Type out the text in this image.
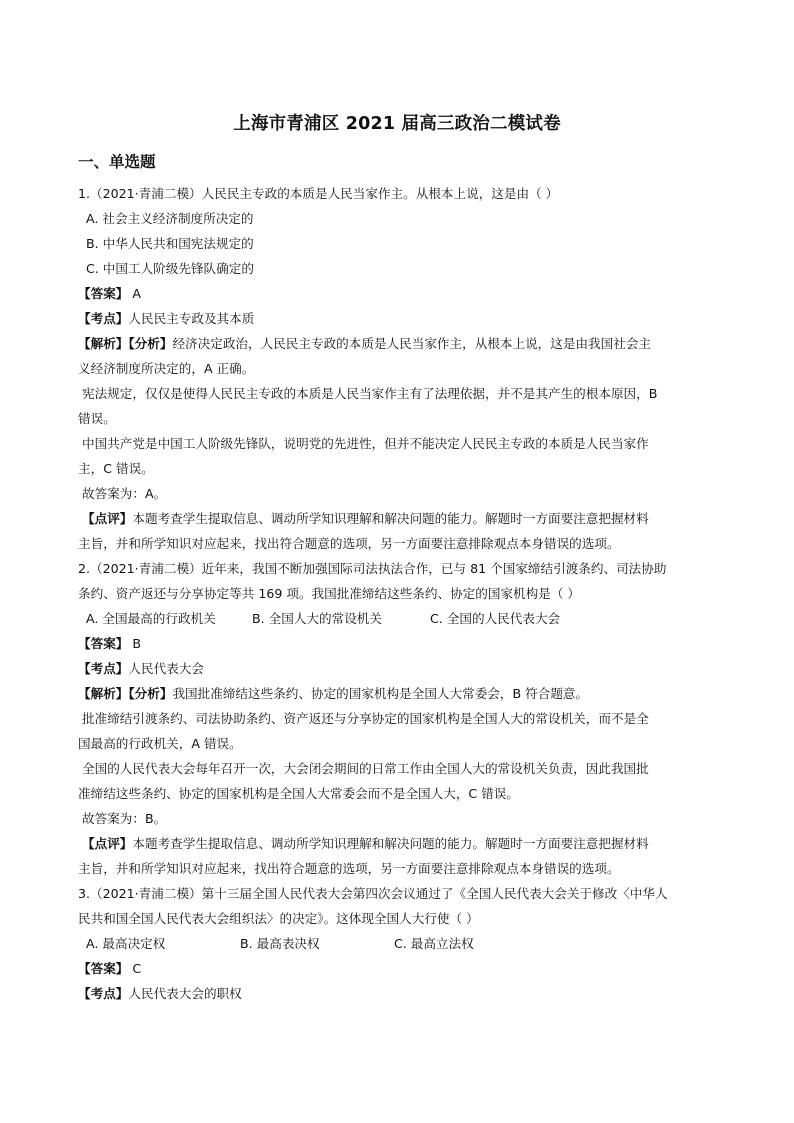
上海市青浦区 2021 届高三政治二模试卷
一、单选题
1.（2021·青浦二模）人民民主专政的本质是人民当家作主。从根本上说，这是由（ ）
A. 社会主义经济制度所决定的
B. 中华人民共和国宪法规定的
C. 中国工人阶级先锋队确定的
【答案】 A
【考点】人民民主专政及其本质
【解析】【分析】经济决定政治，人民民主专政的本质是人民当家作主，从根本上说，这是由我国社会主
义经济制度所决定的，A 正确。
宪法规定，仅仅是使得人民民主专政的本质是人民当家作主有了法理依据，并不是其产生的根本原因，B
错误。
中国共产党是中国工人阶级先锋队，说明党的先进性，但并不能决定人民民主专政的本质是人民当家作
主，C 错误。
故答案为：A。
【点评】本题考查学生提取信息、调动所学知识理解和解决问题的能力。解题时一方面要注意把握材料
主旨，并和所学知识对应起来，找出符合题意的选项，另一方面要注意排除观点本身错误的选项。
2.（2021·青浦二模）近年来，我国不断加强国际司法执法合作，已与 81 个国家缔结引渡条约、司法协助
条约、资产返还与分享协定等共 169 项。我国批准缔结这些条约、协定的国家机构是（ ）
A. 全国最高的行政机关	B. 全国人大的常设机关	C. 全国的人民代表大会
【答案】 B
【考点】人民代表大会
【解析】【分析】我国批准缔结这些条约、协定的国家机构是全国人大常委会，B 符合题意。
批准缔结引渡条约、司法协助条约、资产返还与分享协定的国家机构是全国人大的常设机关，而不是全
国最高的行政机关，A 错误。
全国的人民代表大会每年召开一次，大会闭会期间的日常工作由全国人大的常设机关负责，因此我国批
准缔结这些条约、协定的国家机构是全国人大常委会而不是全国人大，C 错误。
故答案为：B。
【点评】本题考查学生提取信息、调动所学知识理解和解决问题的能力。解题时一方面要注意把握材料
主旨，并和所学知识对应起来，找出符合题意的选项，另一方面要注意排除观点本身错误的选项。
3.（2021·青浦二模）第十三届全国人民代表大会第四次会议通过了《全国人民代表大会关于修改〈中华人
民共和国全国人民代表大会组织法〉的决定》。这体现全国人大行使（ ）
A. 最高决定权	B. 最高表决权	C. 最高立法权
【答案】 C
【考点】人民代表大会的职权
